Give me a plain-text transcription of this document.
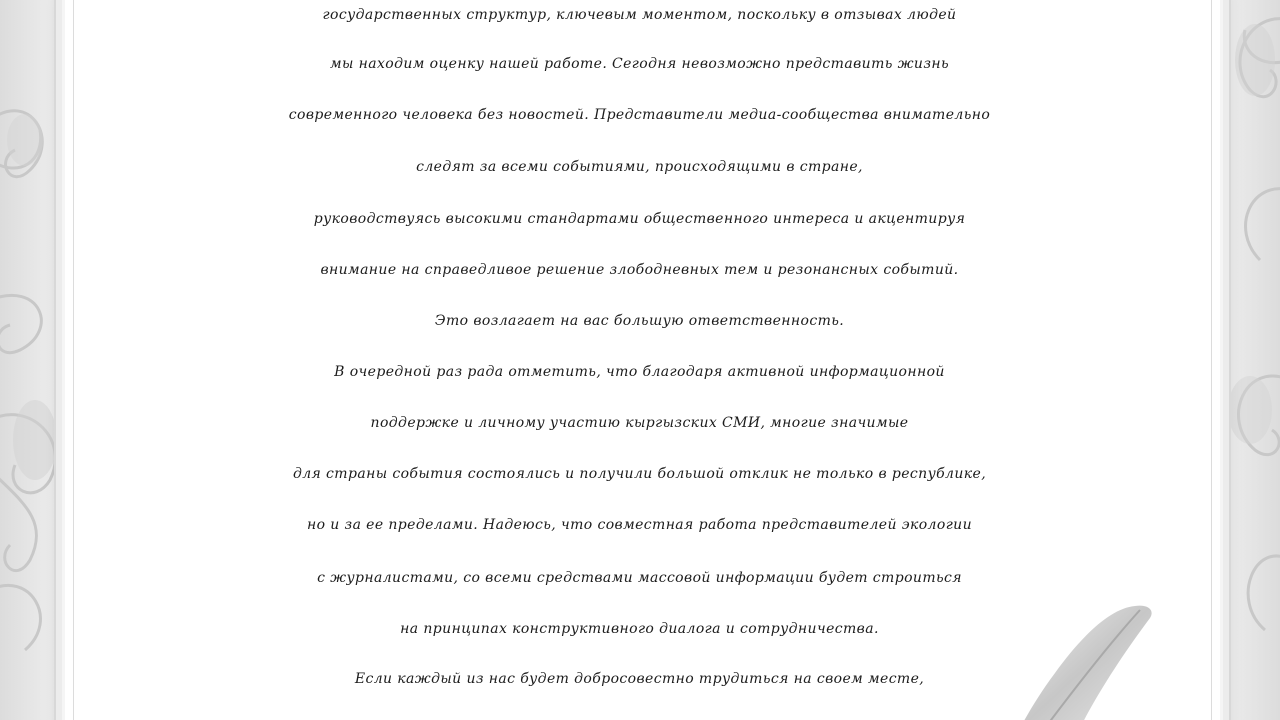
государственных структур, ключевым моментом, поскольку в отзывах людей
мы находим оценку нашей работе. Сегодня невозможно представить жизнь
современного человека без новостей. Представители медиа-сообщества внимательно
следят за всеми событиями, происходящими в стране,
руководствуясь высокими стандартами общественного интереса и акцентируя
внимание на справедливое решение злободневных тем и резонансных событий.
Это возлагает на вас большую ответственность.
В очередной раз рада отметить, что благодаря активной информационной
поддержке и личному участию кыргызских СМИ, многие значимые
для страны события состоялись и получили большой отклик не только в республике,
но и за ее пределами. Надеюсь, что совместная работа представителей экологии
с журналистами, со всеми средствами массовой информации будет строиться
на принципах конструктивного диалога и сотрудничества.
Если каждый из нас будет добросовестно трудиться на своем месте,
